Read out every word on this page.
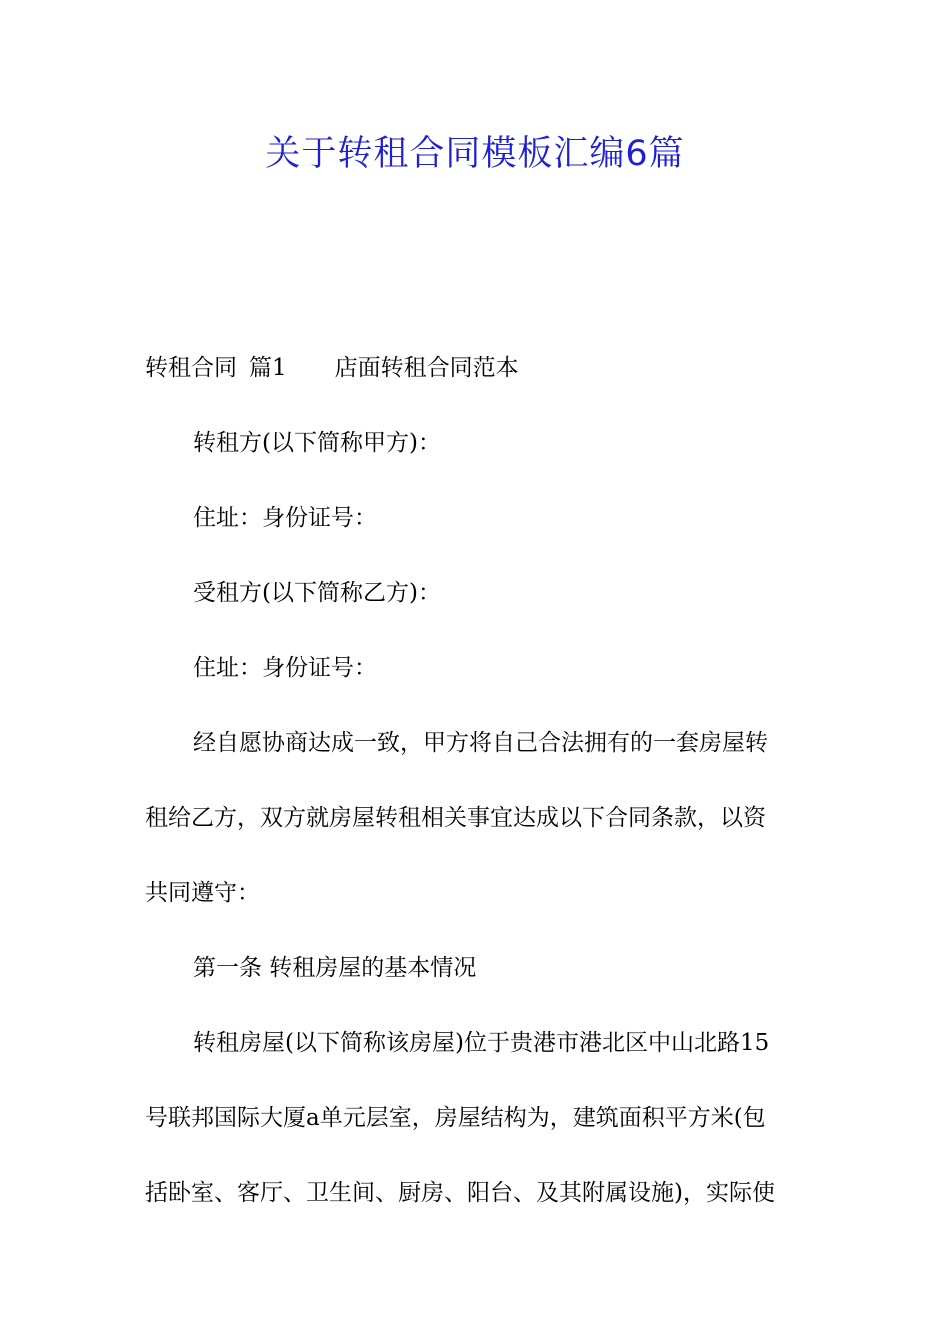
关于转租合同模板汇编6篇

转租合同 篇1 店面转租合同范本

转租方(以下简称甲方)：

住址：身份证号：

受租方(以下简称乙方)：

住址：身份证号：

经自愿协商达成一致，甲方将自己合法拥有的一套房屋转

租给乙方，双方就房屋转租相关事宜达成以下合同条款，以资

共同遵守：

第一条 转租房屋的基本情况

转租房屋(以下简称该房屋)位于贵港市港北区中山北路15

号联邦国际大厦a单元层室，房屋结构为，建筑面积平方米(包

括卧室、客厅、卫生间、厨房、阳台、及其附属设施)，实际使
